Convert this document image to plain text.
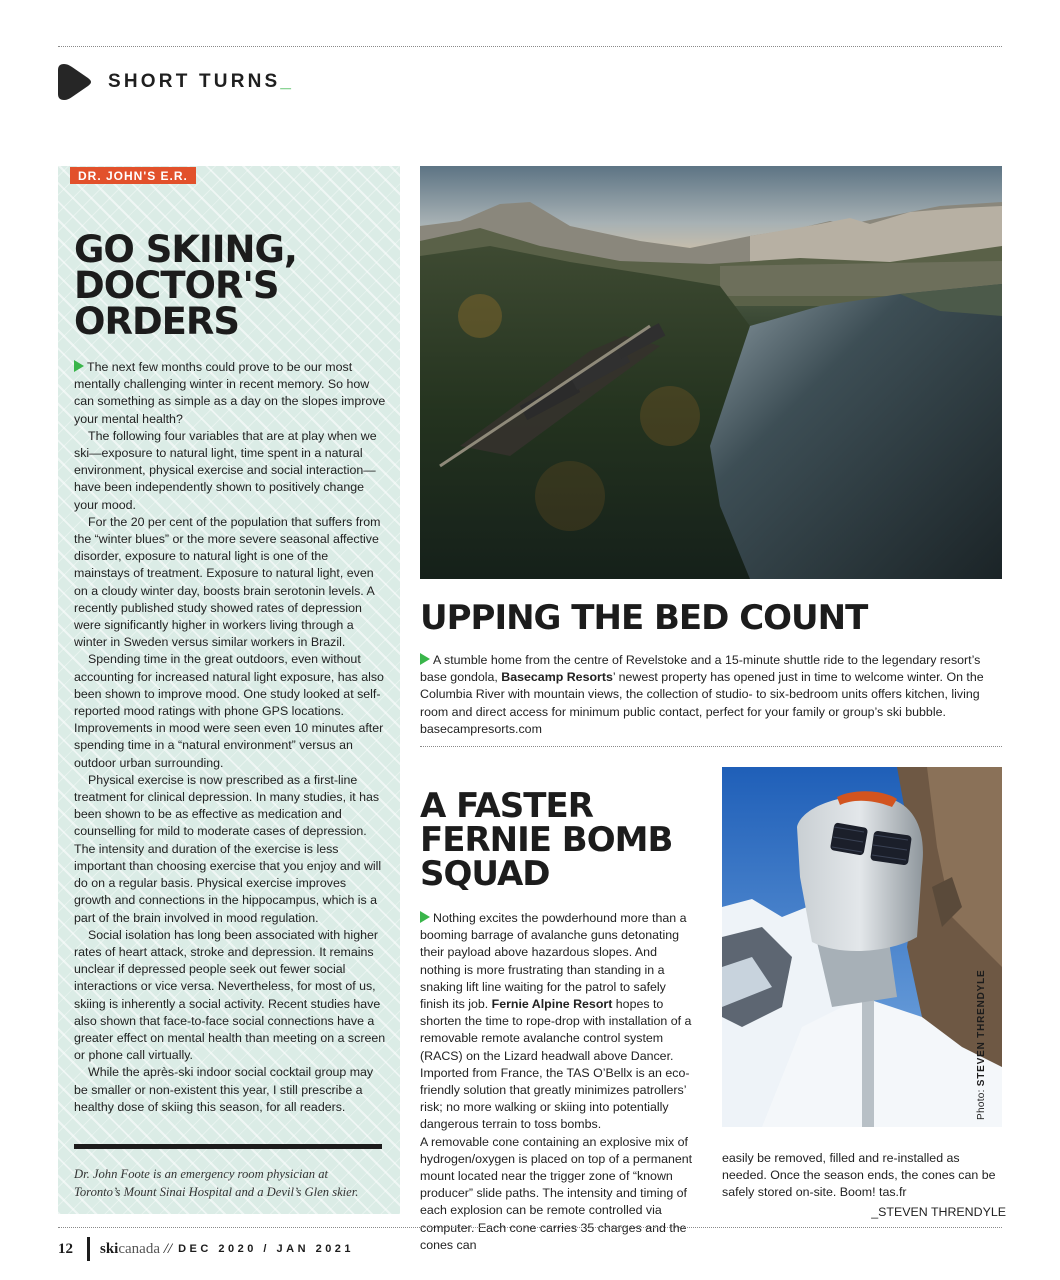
SHORT TURNS_
DR. JOHN'S E.R.
GO SKIING, DOCTOR'S ORDERS

The next few months could prove to be our most mentally challenging winter in recent memory. So how can something as simple as a day on the slopes improve your mental health?

The following four variables that are at play when we ski—exposure to natural light, time spent in a natural environment, physical exercise and social interaction—have been independently shown to positively change your mood.

For the 20 per cent of the population that suffers from the “winter blues” or the more severe seasonal affective disorder, exposure to natural light is one of the mainstays of treatment. Exposure to natural light, even on a cloudy winter day, boosts brain serotonin levels. A recently published study showed rates of depression were significantly higher in workers living through a winter in Sweden versus similar workers in Brazil.

Spending time in the great outdoors, even without accounting for increased natural light exposure, has also been shown to improve mood. One study looked at self-reported mood ratings with phone GPS locations. Improvements in mood were seen even 10 minutes after spending time in a “natural environment” versus an outdoor urban surrounding.

Physical exercise is now prescribed as a first-line treatment for clinical depression. In many studies, it has been shown to be as effective as medication and counselling for mild to moderate cases of depression. The intensity and duration of the exercise is less important than choosing exercise that you enjoy and will do on a regular basis. Physical exercise improves growth and connections in the hippocampus, which is a part of the brain involved in mood regulation.

Social isolation has long been associated with higher rates of heart attack, stroke and depression. It remains unclear if depressed people seek out fewer social interactions or vice versa. Nevertheless, for most of us, skiing is inherently a social activity. Recent studies have also shown that face-to-face social connections have a greater effect on mental health than meeting on a screen or phone call virtually.

While the après-ski indoor social cocktail group may be smaller or non-existent this year, I still prescribe a healthy dose of skiing this season, for all readers.

Dr. John Foote is an emergency room physician at Toronto’s Mount Sinai Hospital and a Devil’s Glen skier.
UPPING THE BED COUNT

A stumble home from the centre of Revelstoke and a 15-minute shuttle ride to the legendary resort’s base gondola, Basecamp Resorts’ newest property has opened just in time to welcome winter. On the Columbia River with mountain views, the collection of studio- to six-bedroom units offers kitchen, living room and direct access for minimum public contact, perfect for your family or group’s ski bubble. basecampresorts.com

A FASTER FERNIE BOMB SQUAD

Nothing excites the powderhound more than a booming barrage of avalanche guns detonating their payload above hazardous slopes. And nothing is more frustrating than standing in a snaking lift line waiting for the patrol to safely finish its job. Fernie Alpine Resort hopes to shorten the time to rope-drop with installation of a removable remote avalanche control system (RACS) on the Lizard headwall above Dancer. Imported from France, the TAS O’Bellx is an eco-friendly solution that greatly minimizes patrollers’ risk; no more walking or skiing into potentially dangerous terrain to toss bombs.

A removable cone containing an explosive mix of hydrogen/oxygen is placed on top of a permanent mount located near the trigger zone of “known producer” slide paths. The intensity and timing of each explosion can be remote controlled via computer. Each cone carries 35 charges and the cones can

Photo: STEVEN THRENDYLE

easily be removed, filled and re-installed as needed. Once the season ends, the cones can be safely stored on-site. Boom! tas.fr

_STEVEN THRENDYLE

12 skicanada // DEC 2020 / JAN 2021
